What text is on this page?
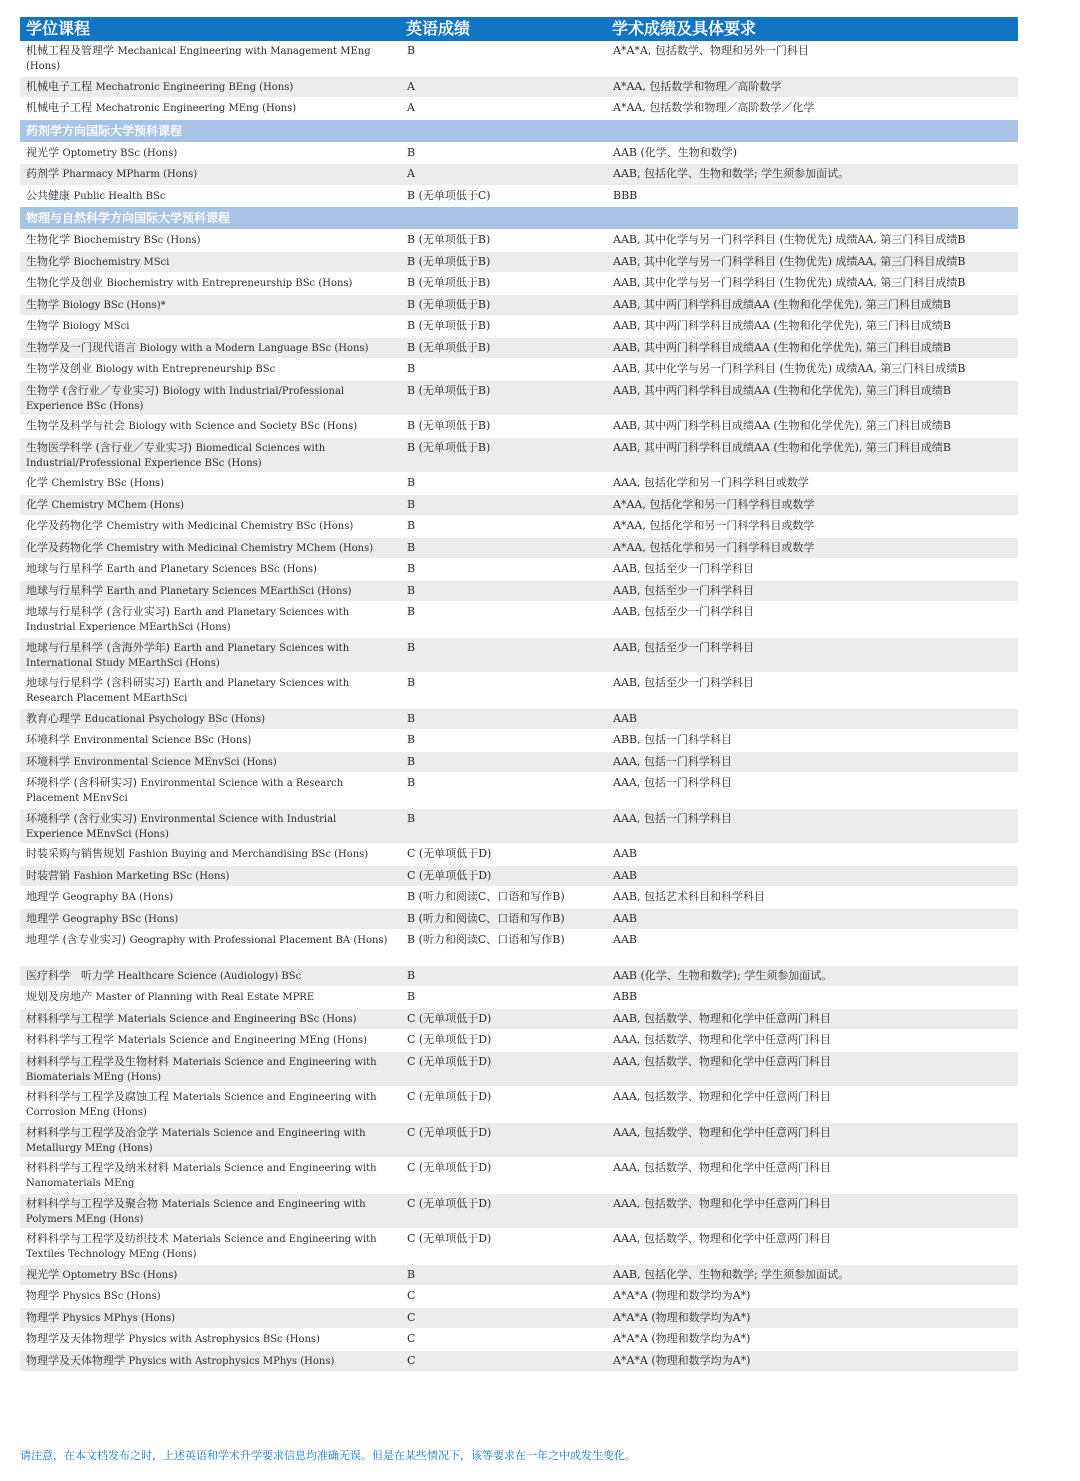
学位课程	英语成绩	学术成绩及具体要求
机械工程及管理学 Mechanical Engineering with Management MEng (Hons)
B	A*A*A, 包括数学、物理和另外一门科目
机械电子工程 Mechatronic Engineering BEng (Hons)	A	A*AA, 包括数学和物理／高阶数学
机械电子工程 Mechatronic Engineering MEng (Hons)	A	A*AA, 包括数学和物理／高阶数学／化学
药剂学方向国际大学预科课程
视光学 Optometry BSc (Hons)	B	AAB (化学、生物和数学)
药剂学 Pharmacy MPharm (Hons)	A	AAB, 包括化学、生物和数学; 学生须参加面试。
公共健康 Public Health BSc	B (无单项低于C)	BBB
物理与自然科学方向国际大学预科课程
生物化学 Biochemistry BSc (Hons)	B (无单项低于B)	AAB, 其中化学与另一门科学科目 (生物优先) 成绩AA, 第三门科目成绩B
生物化学 Biochemistry MSci	B (无单项低于B)	AAB, 其中化学与另一门科学科目 (生物优先) 成绩AA, 第三门科目成绩B
生物化学及创业 Biochemistry with Entrepreneurship BSc (Hons)	B (无单项低于B)	AAB, 其中化学与另一门科学科目 (生物优先) 成绩AA, 第三门科目成绩B
生物学 Biology BSc (Hons)*	B (无单项低于B)	AAB, 其中两门科学科目成绩AA (生物和化学优先), 第三门科目成绩B
生物学 Biology MSci	B (无单项低于B)	AAB, 其中两门科学科目成绩AA (生物和化学优先), 第三门科目成绩B
生物学及一门现代语言 Biology with a Modern Language BSc (Hons)	B (无单项低于B)	AAB, 其中两门科学科目成绩AA (生物和化学优先), 第三门科目成绩B
生物学及创业 Biology with Entrepreneurship BSc	B	AAB, 其中化学与另一门科学科目 (生物优先) 成绩AA, 第三门科目成绩B
生物学 (含行业／专业实习) Biology with Industrial/Professional Experience BSc (Hons)
B (无单项低于B)	AAB, 其中两门科学科目成绩AA (生物和化学优先), 第三门科目成绩B
生物学及科学与社会 Biology with Science and Society BSc (Hons)	B (无单项低于B)	AAB, 其中两门科学科目成绩AA (生物和化学优先), 第三门科目成绩B
生物医学科学 (含行业／专业实习) Biomedical Sciences with Industrial/Professional Experience BSc (Hons)
B (无单项低于B)	AAB, 其中两门科学科目成绩AA (生物和化学优先), 第三门科目成绩B
化学 Chemistry BSc (Hons)	B	AAA, 包括化学和另一门科学科目或数学
化学 Chemistry MChem (Hons)	B	A*AA, 包括化学和另一门科学科目或数学
化学及药物化学 Chemistry with Medicinal Chemistry BSc (Hons)	B	A*AA, 包括化学和另一门科学科目或数学
化学及药物化学 Chemistry with Medicinal Chemistry MChem (Hons)	B	A*AA, 包括化学和另一门科学科目或数学
地球与行星科学 Earth and Planetary Sciences BSc (Hons)	B	AAB, 包括至少一门科学科目
地球与行星科学 Earth and Planetary Sciences MEarthSci (Hons)	B	AAB, 包括至少一门科学科目
地球与行星科学 (含行业实习) Earth and Planetary Sciences with Industrial Experience MEarthSci (Hons)
B	AAB, 包括至少一门科学科目
地球与行星科学 (含海外学年) Earth and Planetary Sciences with International Study MEarthSci (Hons)
B	AAB, 包括至少一门科学科目
地球与行星科学 (含科研实习) Earth and Planetary Sciences with Research Placement MEarthSci
B	AAB, 包括至少一门科学科目
教育心理学 Educational Psychology BSc (Hons)	B	AAB
环境科学 Environmental Science BSc (Hons)	B	ABB, 包括一门科学科目
环境科学 Environmental Science MEnvSci (Hons)	B	AAA, 包括一门科学科目
环境科学 (含科研实习) Environmental Science with a Research Placement MEnvSci
B	AAA, 包括一门科学科目
环境科学 (含行业实习) Environmental Science with Industrial Experience MEnvSci (Hons)
B	AAA, 包括一门科学科目
时装采购与销售规划 Fashion Buying and Merchandising BSc (Hons)	C (无单项低于D)	AAB
时装营销 Fashion Marketing BSc (Hons)	C (无单项低于D)	AAB
地理学 Geography BA (Hons)	B (听力和阅读C、口语和写作B)	AAB, 包括艺术科目和科学科目
地理学 Geography BSc (Hons)	B (听力和阅读C、口语和写作B)	AAB
地理学 (含专业实习) Geography with Professional Placement BA (Hons)	B (听力和阅读C、口语和写作B)	AAB
医疗科学　听力学 Healthcare Science (Audiology) BSc	B	AAB (化学、生物和数学); 学生须参加面试。
规划及房地产 Master of Planning with Real Estate MPRE	B	ABB
材料科学与工程学 Materials Science and Engineering BSc (Hons)	C (无单项低于D)	AAB, 包括数学、物理和化学中任意两门科目
材料科学与工程学 Materials Science and Engineering MEng (Hons)	C (无单项低于D)	AAA, 包括数学、物理和化学中任意两门科目
材料科学与工程学及生物材料 Materials Science and Engineering with Biomaterials MEng (Hons)
C (无单项低于D)	AAA, 包括数学、物理和化学中任意两门科目
材料科学与工程学及腐蚀工程 Materials Science and Engineering with Corrosion MEng (Hons)
C (无单项低于D)	AAA, 包括数学、物理和化学中任意两门科目
材料科学与工程学及冶金学 Materials Science and Engineering with Metallurgy MEng (Hons)
C (无单项低于D)	AAA, 包括数学、物理和化学中任意两门科目
材料科学与工程学及纳米材料 Materials Science and Engineering with Nanomaterials MEng
C (无单项低于D)	AAA, 包括数学、物理和化学中任意两门科目
材料科学与工程学及聚合物 Materials Science and Engineering with Polymers MEng (Hons)
C (无单项低于D)	AAA, 包括数学、物理和化学中任意两门科目
材料科学与工程学及纺织技术 Materials Science and Engineering with Textiles Technology MEng (Hons)
C (无单项低于D)	AAA, 包括数学、物理和化学中任意两门科目
视光学 Optometry BSc (Hons)	B	AAB, 包括化学、生物和数学; 学生须参加面试。
物理学 Physics BSc (Hons)	C	A*A*A (物理和数学均为A*)
物理学 Physics MPhys (Hons)	C	A*A*A (物理和数学均为A*)
物理学及天体物理学 Physics with Astrophysics BSc (Hons)	C	A*A*A (物理和数学均为A*)
物理学及天体物理学 Physics with Astrophysics MPhys (Hons)	C	A*A*A (物理和数学均为A*)
请注意，在本文档发布之时，上述英语和学术升学要求信息均准确无误。但是在某些情况下，该等要求在一年之中或发生变化。
